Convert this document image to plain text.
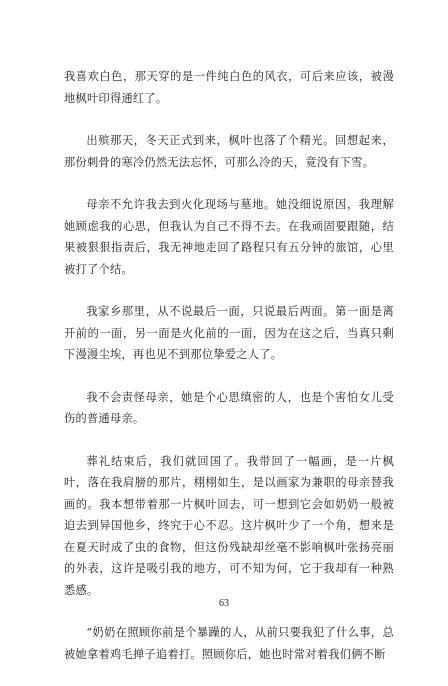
我喜欢白色，那天穿的是一件纯白色的风衣，可后来应该，被漫地枫叶印得通红了。

出殡那天，冬天正式到来，枫叶也落了个精光。回想起来，那份刺骨的寒冷仍然无法忘怀，可那么冷的天，竟没有下雪。

母亲不允许我去到火化现场与墓地。她没细说原因，我理解她顾虑我的心思，但我认为自己不得不去。在我顽固要跟随，结果被狠狠指责后，我无神地走回了路程只有五分钟的旅馆，心里被打了个结。

我家乡那里，从不说最后一面，只说最后两面。第一面是离开前的一面，另一面是火化前的一面，因为在这之后，当真只剩下漫漫尘埃，再也见不到那位挚爱之人了。

我不会责怪母亲，她是个心思缜密的人，也是个害怕女儿受伤的普通母亲。

葬礼结束后，我们就回国了。我带回了一幅画，是一片枫叶，落在我肩膀的那片，栩栩如生，是以画家为兼职的母亲替我画的。我本想带着那一片枫叶回去，可一想到它会如奶奶一般被迫去到异国他乡，终究于心不忍。这片枫叶少了一个角，想来是在夏天时成了虫的食物，但这份残缺却丝毫不影响枫叶张扬亮丽的外表，这许是吸引我的地方，可不知为何，它于我却有一种熟悉感。

“奶奶在照顾你前是个暴躁的人，从前只要我犯了什么事，总被她拿着鸡毛掸子追着打。照顾你后，她也时常对着我们俩不断

63
